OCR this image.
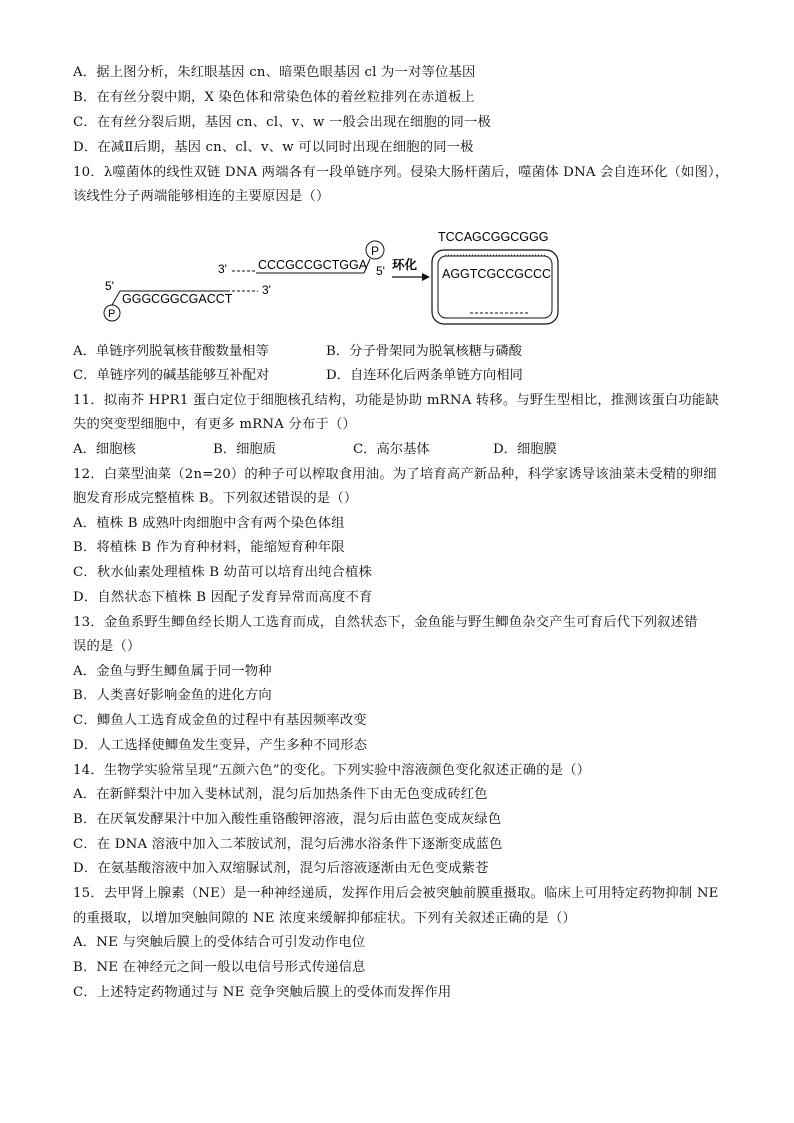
A．据上图分析，朱红眼基因 cn、暗栗色眼基因 cl 为一对等位基因
B．在有丝分裂中期，X 染色体和常染色体的着丝粒排列在赤道板上
C．在有丝分裂后期，基因 cn、cl、v、w 一般会出现在细胞的同一极
D．在减Ⅱ后期，基因 cn、cl、v、w 可以同时出现在细胞的同一极
10．λ噬菌体的线性双链 DNA 两端各有一段单链序列。侵染大肠杆菌后，噬菌体 DNA 会自连环化（如图），
该线性分子两端能够相连的主要原因是（）
3' CCCGCCGCTGGA
P
5'
P
GGGCGGCGACCT
3'
5' 环化
TCCAGCGGCGGG
AGGTCGCCGCCC
A．单链序列脱氧核苷酸数量相等	B．分子骨架同为脱氧核糖与磷酸
C．单链序列的碱基能够互补配对	D．自连环化后两条单链方向相同
11．拟南芥 HPR1 蛋白定位于细胞核孔结构，功能是协助 mRNA 转移。与野生型相比，推测该蛋白功能缺
失的突变型细胞中，有更多 mRNA 分布于（）
A．细胞核	B．细胞质	C．高尔基体	D．细胞膜
12．白菜型油菜（2n=20）的种子可以榨取食用油。为了培育高产新品种，科学家诱导该油菜未受精的卵细
胞发育形成完整植株 B。下列叙述错误的是（）
A．植株 B 成熟叶肉细胞中含有两个染色体组
B．将植株 B 作为育种材料，能缩短育种年限
C．秋水仙素处理植株 B 幼苗可以培育出纯合植株
D．自然状态下植株 B 因配子发育异常而高度不育
13．金鱼系野生鲫鱼经长期人工选育而成，自然状态下，金鱼能与野生鲫鱼杂交产生可育后代下列叙述错
误的是（）
A．金鱼与野生鲫鱼属于同一物种
B．人类喜好影响金鱼的进化方向
C．鲫鱼人工选育成金鱼的过程中有基因频率改变
D．人工选择使鲫鱼发生变异，产生多种不同形态
14．生物学实验常呈现“五颜六色”的变化。下列实验中溶液颜色变化叙述正确的是（）
A．在新鲜梨汁中加入斐林试剂，混匀后加热条件下由无色变成砖红色
B．在厌氧发酵果汁中加入酸性重铬酸钾溶液，混匀后由蓝色变成灰绿色
C．在 DNA 溶液中加入二苯胺试剂，混匀后沸水浴条件下逐渐变成蓝色
D．在氨基酸溶液中加入双缩脲试剂，混匀后溶液逐渐由无色变成紫苍
15．去甲肾上腺素（NE）是一种神经递质，发挥作用后会被突触前膜重摄取。临床上可用特定药物抑制 NE
的重摄取，以增加突触间隙的 NE 浓度来缓解抑郁症状。下列有关叙述正确的是（）
A．NE 与突触后膜上的受体结合可引发动作电位
B．NE 在神经元之间一般以电信号形式传递信息
C．上述特定药物通过与 NE 竞争突触后膜上的受体而发挥作用
